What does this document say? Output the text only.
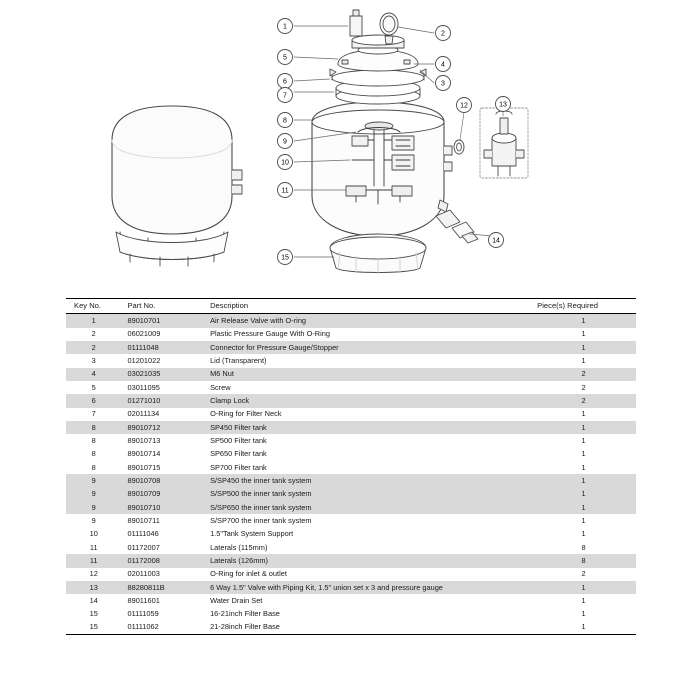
1
2
5
4
6	3
7
8
12	13
9
10
11
14
15
Key No.	Part No.	Description	Piece(s) Required
1	89010701	Air Release Valve with O-ring	1
2	06021009	Plastic Pressure Gauge With O-Ring	1
2	01111048	Connector for Pressure Gauge/Stopper	1
3	01201022	Lid (Transparent)	1
4	03021035	M6 Nut	2
5	03011095	Screw	2
6	01271010	Clamp Lock	2
7	02011134	O-Ring for Filter Neck	1
8	89010712	SP450 Filter tank	1
8	89010713	SP500 Filter tank	1
8	89010714	SP650 Filter tank	1
8	89010715	SP700 Filter tank	1
9	89010708	S/SP450 the inner tank system	1
9	89010709	S/SP500 the inner tank system	1
9	89010710	S/SP650 the inner tank system	1
9	89010711	S/SP700 the inner tank system	1
10	01111046	1.5"Tank System Support	1
11	01172007	Laterals (115mm)	8
11	01172008	Laterals (126mm)	8
12	02011003	O-Ring for inlet & outlet	2
13	88280811B	6 Way 1.5" Valve with Piping Kit, 1.5" union set x 3 and pressure gauge	1
14	89011601	Water Drain Set	1
15	01111059	16-21inch Filter Base	1
15	01111062	21-28inch Filter Base	1
